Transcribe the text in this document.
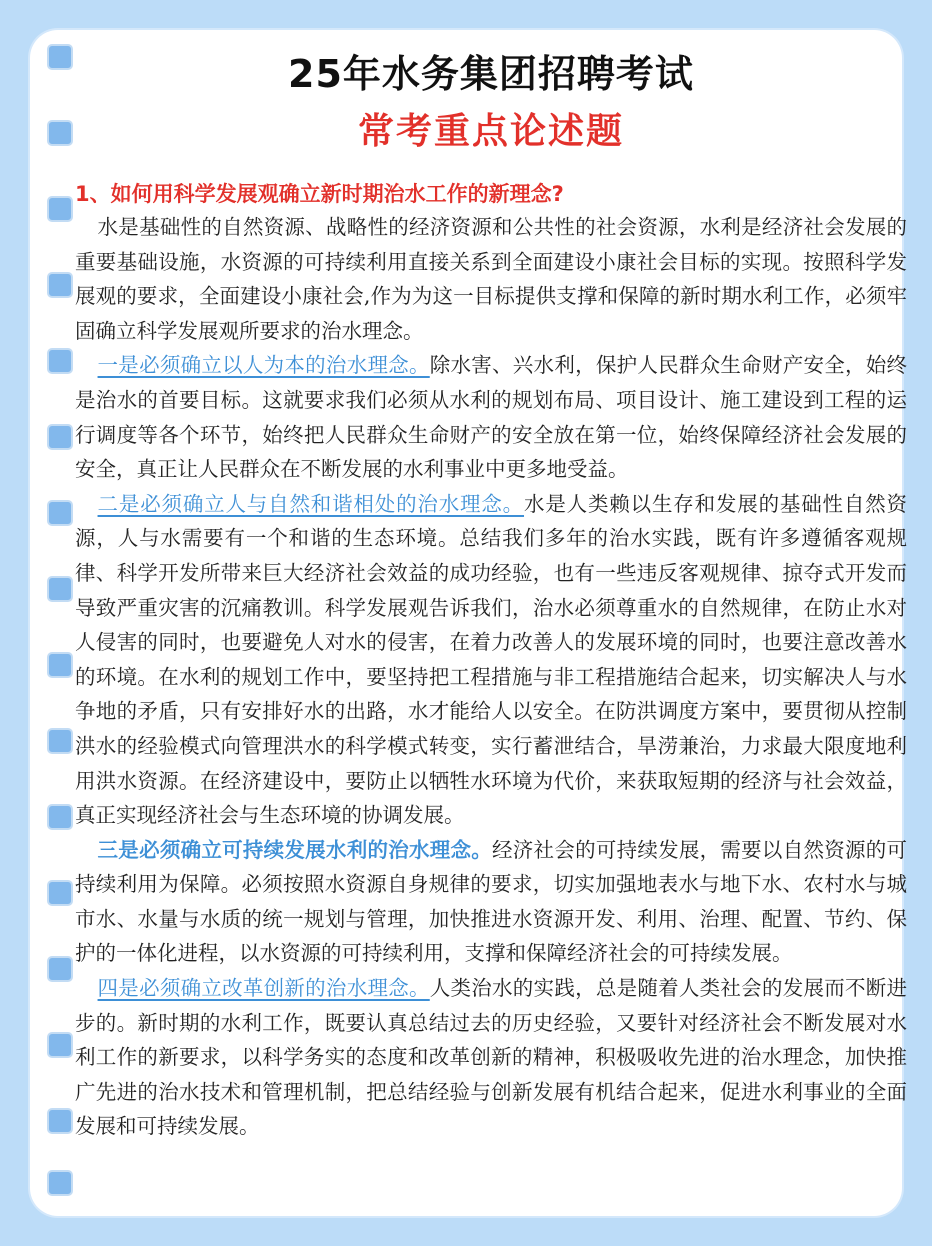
25年水务集团招聘考试
常考重点论述题

1、如何用科学发展观确立新时期治水工作的新理念?

水是基础性的自然资源、战略性的经济资源和公共性的社会资源，水利是经济社会发展的重要基础设施，水资源的可持续利用直接关系到全面建设小康社会目标的实现。按照科学发展观的要求，全面建设小康社会,作为为这一目标提供支撑和保障的新时期水利工作，必须牢固确立科学发展观所要求的治水理念。

一是必须确立以人为本的治水理念。除水害、兴水利，保护人民群众生命财产安全，始终是治水的首要目标。这就要求我们必须从水利的规划布局、项目设计、施工建设到工程的运行调度等各个环节，始终把人民群众生命财产的安全放在第一位，始终保障经济社会发展的安全，真正让人民群众在不断发展的水利事业中更多地受益。

二是必须确立人与自然和谐相处的治水理念。水是人类赖以生存和发展的基础性自然资源，人与水需要有一个和谐的生态环境。总结我们多年的治水实践，既有许多遵循客观规律、科学开发所带来巨大经济社会效益的成功经验，也有一些违反客观规律、掠夺式开发而导致严重灾害的沉痛教训。科学发展观告诉我们，治水必须尊重水的自然规律，在防止水对人侵害的同时，也要避免人对水的侵害，在着力改善人的发展环境的同时，也要注意改善水的环境。在水利的规划工作中，要坚持把工程措施与非工程措施结合起来，切实解决人与水争地的矛盾，只有安排好水的出路，水才能给人以安全。在防洪调度方案中，要贯彻从控制洪水的经验模式向管理洪水的科学模式转变，实行蓄泄结合，旱涝兼治，力求最大限度地利用洪水资源。在经济建设中，要防止以牺牲水环境为代价，来获取短期的经济与社会效益，真正实现经济社会与生态环境的协调发展。

三是必须确立可持续发展水利的治水理念。经济社会的可持续发展，需要以自然资源的可持续利用为保障。必须按照水资源自身规律的要求，切实加强地表水与地下水、农村水与城市水、水量与水质的统一规划与管理，加快推进水资源开发、利用、治理、配置、节约、保护的一体化进程，以水资源的可持续利用，支撑和保障经济社会的可持续发展。

四是必须确立改革创新的治水理念。人类治水的实践，总是随着人类社会的发展而不断进步的。新时期的水利工作，既要认真总结过去的历史经验，又要针对经济社会不断发展对水利工作的新要求，以科学务实的态度和改革创新的精神，积极吸收先进的治水理念，加快推广先进的治水技术和管理机制，把总结经验与创新发展有机结合起来，促进水利事业的全面发展和可持续发展。
